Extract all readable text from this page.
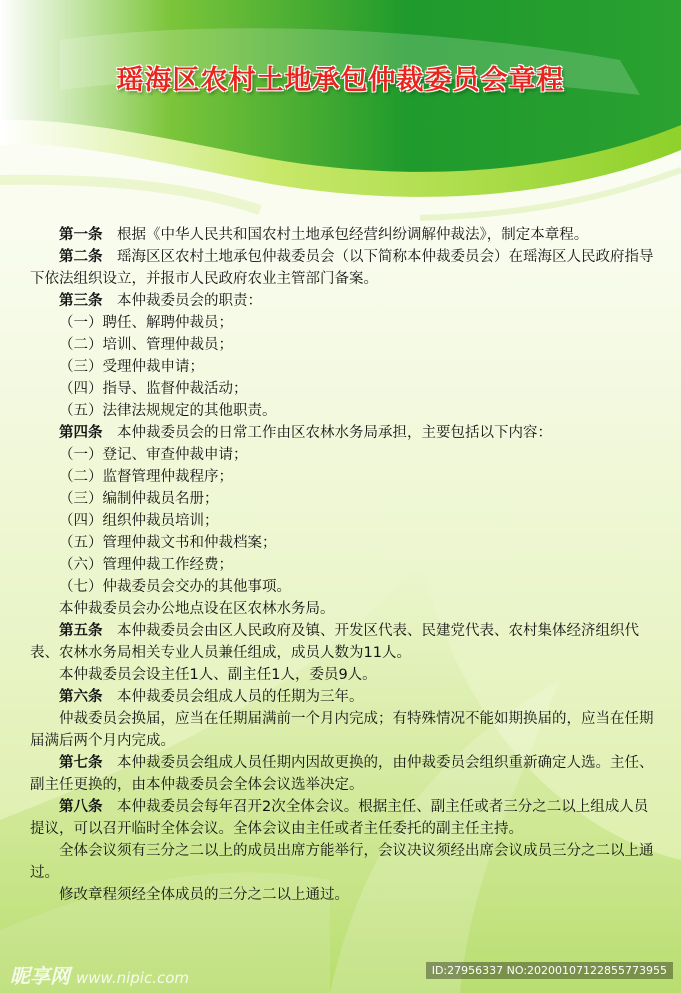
瑶海区农村土地承包仲裁委员会章程

第一条 根据《中华人民共和国农村土地承包经营纠纷调解仲裁法》，制定本章程。

第二条 瑶海区区农村土地承包仲裁委员会（以下简称本仲裁委员会）在瑶海区人民政府指导下依法组织设立，并报市人民政府农业主管部门备案。

第三条 本仲裁委员会的职责：

（一）聘任、解聘仲裁员；

（二）培训、管理仲裁员；

（三）受理仲裁申请；

（四）指导、监督仲裁活动；

（五）法律法规规定的其他职责。

第四条 本仲裁委员会的日常工作由区农林水务局承担，主要包括以下内容：

（一）登记、审查仲裁申请；

（二）监督管理仲裁程序；

（三）编制仲裁员名册；

（四）组织仲裁员培训；

（五）管理仲裁文书和仲裁档案；

（六）管理仲裁工作经费；

（七）仲裁委员会交办的其他事项。

本仲裁委员会办公地点设在区农林水务局。

第五条 本仲裁委员会由区人民政府及镇、开发区代表、民建党代表、农村集体经济组织代表、农林水务局相关专业人员兼任组成，成员人数为11人。

本仲裁委员会设主任1人、副主任1人，委员9人。

第六条 本仲裁委员会组成人员的任期为三年。

仲裁委员会换届，应当在任期届满前一个月内完成；有特殊情况不能如期换届的，应当在任期届满后两个月内完成。

第七条 本仲裁委员会组成人员任期内因故更换的，由仲裁委员会组织重新确定人选。主任、副主任更换的，由本仲裁委员会全体会议选举决定。

第八条 本仲裁委员会每年召开2次全体会议。根据主任、副主任或者三分之二以上组成人员提议，可以召开临时全体会议。全体会议由主任或者主任委托的副主任主持。

全体会议须有三分之二以上的成员出席方能举行，会议决议须经出席会议成员三分之二以上通过。

修改章程须经全体成员的三分之二以上通过。

昵享网 www.nipic.com	ID:27956337 NO:20200107122855773955
